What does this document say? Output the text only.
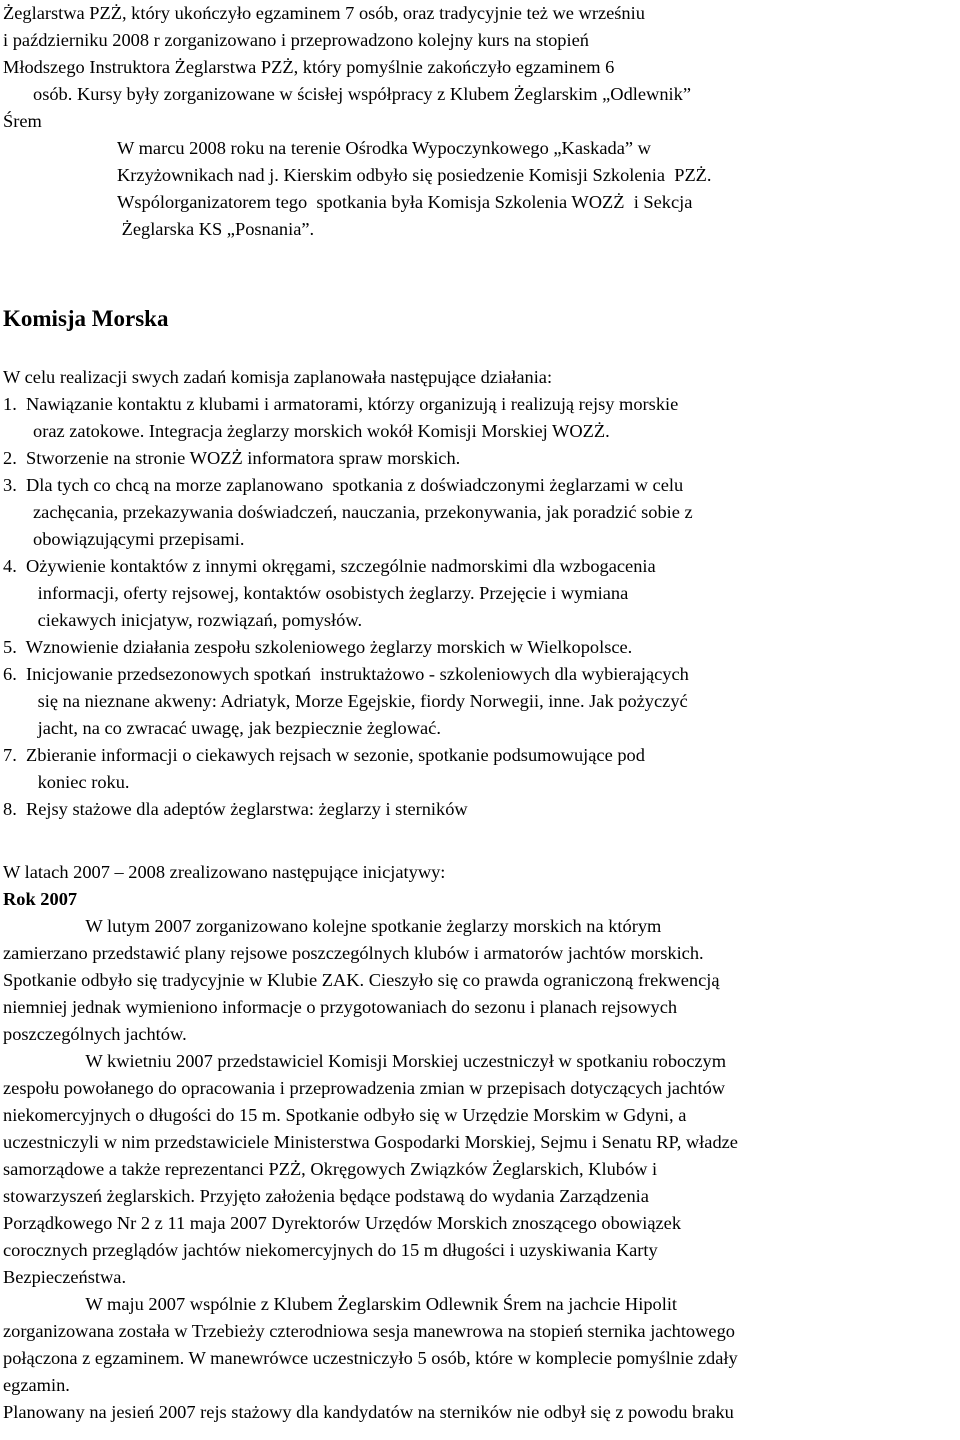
Żeglarstwa PZŻ, który ukończyło egzaminem 7 osób, oraz tradycyjnie też we wrześniu
i październiku 2008 r zorganizowano i przeprowadzono kolejny kurs na stopień
Młodszego Instruktora Żeglarstwa PZŻ, który pomyślnie zakończyło egzaminem 6
osób. Kursy były zorganizowane w ścisłej współpracy z Klubem Żeglarskim „Odlewnik”
Śrem
W marcu 2008 roku na terenie Ośrodka Wypoczynkowego „Kaskada” w
Krzyżownikach nad j. Kierskim odbyło się posiedzenie Komisji Szkolenia  PZŻ.
Wspólorganizatorem tego  spotkania była Komisja Szkolenia WOZŻ  i Sekcja
Żeglarska KS „Posnania”.
Komisja Morska
W celu realizacji swych zadań komisja zaplanowała następujące działania:
1.  Nawiązanie kontaktu z klubami i armatorami, którzy organizują i realizują rejsy morskie
oraz zatokowe. Integracja żeglarzy morskich wokół Komisji Morskiej WOZŻ.
2.  Stworzenie na stronie WOZŻ informatora spraw morskich.
3.  Dla tych co chcą na morze zaplanowano  spotkania z doświadczonymi żeglarzami w celu
zachęcania, przekazywania doświadczeń, nauczania, przekonywania, jak poradzić sobie z
obowiązującymi przepisami.
4.  Ożywienie kontaktów z innymi okręgami, szczególnie nadmorskimi dla wzbogacenia
informacji, oferty rejsowej, kontaktów osobistych żeglarzy. Przejęcie i wymiana
ciekawych inicjatyw, rozwiązań, pomysłów.
5.  Wznowienie działania zespołu szkoleniowego żeglarzy morskich w Wielkopolsce.
6.  Inicjowanie przedsezonowych spotkań  instruktażowo - szkoleniowych dla wybierających
się na nieznane akweny: Adriatyk, Morze Egejskie, fiordy Norwegii, inne. Jak pożyczyć
jacht, na co zwracać uwagę, jak bezpiecznie żeglować.
7.  Zbieranie informacji o ciekawych rejsach w sezonie, spotkanie podsumowujące pod
koniec roku.
8.  Rejsy stażowe dla adeptów żeglarstwa: żeglarzy i sterników
W latach 2007 – 2008 zrealizowano następujące inicjatywy:
Rok 2007
W lutym 2007 zorganizowano kolejne spotkanie żeglarzy morskich na którym
zamierzano przedstawić plany rejsowe poszczególnych klubów i armatorów jachtów morskich.
Spotkanie odbyło się tradycyjnie w Klubie ZAK. Cieszyło się co prawda ograniczoną frekwencją
niemniej jednak wymieniono informacje o przygotowaniach do sezonu i planach rejsowych
poszczególnych jachtów.
W kwietniu 2007 przedstawiciel Komisji Morskiej uczestniczył w spotkaniu roboczym
zespołu powołanego do opracowania i przeprowadzenia zmian w przepisach dotyczących jachtów
niekomercyjnych o długości do 15 m. Spotkanie odbyło się w Urzędzie Morskim w Gdyni, a
uczestniczyli w nim przedstawiciele Ministerstwa Gospodarki Morskiej, Sejmu i Senatu RP, władze
samorządowe a także reprezentanci PZŻ, Okręgowych Związków Żeglarskich, Klubów i
stowarzyszeń żeglarskich. Przyjęto założenia będące podstawą do wydania Zarządzenia
Porządkowego Nr 2 z 11 maja 2007 Dyrektorów Urzędów Morskich znoszącego obowiązek
corocznych przeglądów jachtów niekomercyjnych do 15 m długości i uzyskiwania Karty
Bezpieczeństwa.
W maju 2007 wspólnie z Klubem Żeglarskim Odlewnik Śrem na jachcie Hipolit
zorganizowana została w Trzebieży czterodniowa sesja manewrowa na stopień sternika jachtowego
połączona z egzaminem. W manewrówce uczestniczyło 5 osób, które w komplecie pomyślnie zdały
egzamin.
Planowany na jesień 2007 rejs stażowy dla kandydatów na sterników nie odbył się z powodu braku
